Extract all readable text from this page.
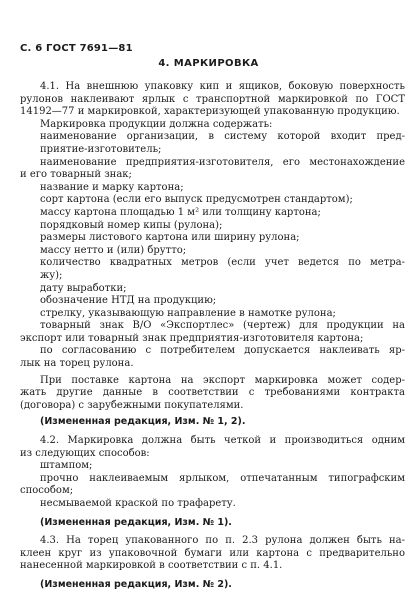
С. 6 ГОСТ 7691—81
4. МАРКИРОВКА

4.1. На внешнюю упаковку кип и ящиков, боковую поверхность

рулонов наклеивают ярлык с транспортной маркировкой по ГОСТ

14192—77 и маркировкой, характеризующей упакованную продукцию.

Маркировка продукции должна содержать:

наименование организации, в систему которой входит пред-

приятие-изготовитель;

наименование предприятия-изготовителя, его местонахождение

и его товарный знак;

название и марку картона;

сорт картона (если его выпуск предусмотрен стандартом);

массу картона площадью 1 м² или толщину картона;

порядковый номер кипы (рулона);

размеры листового картона или ширину рулона;

массу нетто и (или) брутто;

количество квадратных метров (если учет ведется по метра-

жу);

дату выработки;

обозначение НТД на продукцию;

стрелку, указывающую направление в намотке рулона;

товарный знак В/О «Экспортлес» (чертеж) для продукции на

экспорт или товарный знак предприятия-изготовителя картона;

по согласованию с потребителем допускается наклеивать яр-

лык на торец рулона.

При поставке картона на экспорт маркировка может содер-

жать другие данные в соответствии с требованиями контракта

(договора) с зарубежными покупателями.

(Измененная редакция, Изм. № 1, 2).

4.2. Маркировка должна быть четкой и производиться одним

из следующих способов:

штампом;

прочно наклеиваемым ярлыком, отпечатанным типографским

способом;

несмываемой краской по трафарету.

(Измененная редакция, Изм. № 1).

4.3. На торец упакованного по п. 2.3 рулона должен быть на-

клеен круг из упаковочной бумаги или картона с предварительно

нанесенной маркировкой в соответствии с п. 4.1.

(Измененная редакция, Изм. № 2).
